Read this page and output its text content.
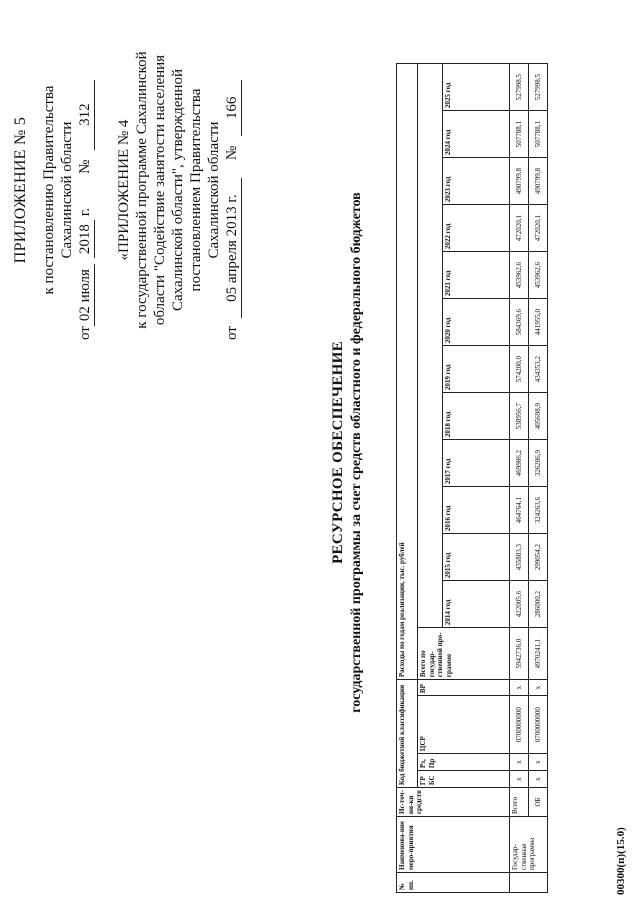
ПРИЛОЖЕНИЕ № 5 к постановлению Правительства Сахалинской области
от
02 июля
2018
г.
№
312
«ПРИЛОЖЕНИЕ № 4 к государственной программе Сахалинской области "Содействие занятости населения Сахалинской области", утвержденной постановлением Правительства Сахалинской области
от
05 апреля 2013 г.
№
166
РЕСУРСНОЕ ОБЕСПЕЧЕНИЕ государственной программы за счет средств областного и федерального бюджетов
№ пп.	Наименова-ние меро-приятия	Ис-точ-ни-ки средств	Код бюджетной классификации				Расходы по годам реализации, тыс. рублей												
			ГР БС	Рз, Пр	ЦСР	ВР	Всего по государ-ственной про-грамме												
								2014 год	2015 год	2016 год	2017 год	2018 год	2019 год	2020 год	2021 год	2022 год	2023 год	2024 год	2025 год
	Государ-ственная программа	Всего	x	x	0700000000	x	5942736,0	422005,6	435883,3	464764,1	469986,2	538956,7	574200,0	584369,6	453962,6	472020,1	490799,8	507788,1	527998,5
		ОБ	x	x	0700000000	x	4970241,1	286000,2	299054,2	324263,6	326286,9	405698,9	434353,2	441955,0	453962,6	472020,1	490799,8	507788,1	527998,5
00300(п)(15.0)
